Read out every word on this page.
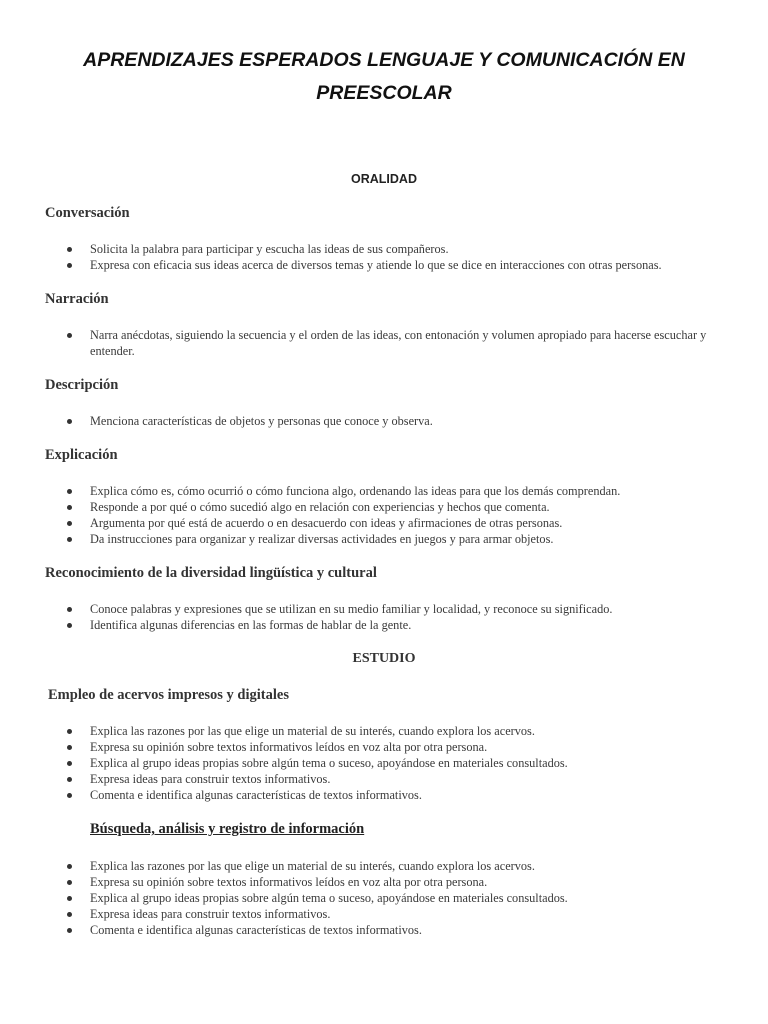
APRENDIZAJES ESPERADOS LENGUAJE Y COMUNICACIÓN EN PREESCOLAR

ORALIDAD

Conversación

Solicita la palabra para participar y escucha las ideas de sus compañeros.
Expresa con eficacia sus ideas acerca de diversos temas y atiende lo que se dice en interacciones con otras personas.

Narración

Narra anécdotas, siguiendo la secuencia y el orden de las ideas, con entonación y volumen apropiado para hacerse escuchar y entender.

Descripción

Menciona características de objetos y personas que conoce y observa.

Explicación

Explica cómo es, cómo ocurrió o cómo funciona algo, ordenando las ideas para que los demás comprendan.
Responde a por qué o cómo sucedió algo en relación con experiencias y hechos que comenta.
Argumenta por qué está de acuerdo o en desacuerdo con ideas y afirmaciones de otras personas.
Da instrucciones para organizar y realizar diversas actividades en juegos y para armar objetos.

Reconocimiento de la diversidad lingüística y cultural

Conoce palabras y expresiones que se utilizan en su medio familiar y localidad, y reconoce su significado.
Identifica algunas diferencias en las formas de hablar de la gente.

ESTUDIO

Empleo de acervos impresos y digitales

Explica las razones por las que elige un material de su interés, cuando explora los acervos.
Expresa su opinión sobre textos informativos leídos en voz alta por otra persona.
Explica al grupo ideas propias sobre algún tema o suceso, apoyándose en materiales consultados.
Expresa ideas para construir textos informativos.
Comenta e identifica algunas características de textos informativos.

Búsqueda, análisis y registro de información

Explica las razones por las que elige un material de su interés, cuando explora los acervos.
Expresa su opinión sobre textos informativos leídos en voz alta por otra persona.
Explica al grupo ideas propias sobre algún tema o suceso, apoyándose en materiales consultados.
Expresa ideas para construir textos informativos.
Comenta e identifica algunas características de textos informativos.
